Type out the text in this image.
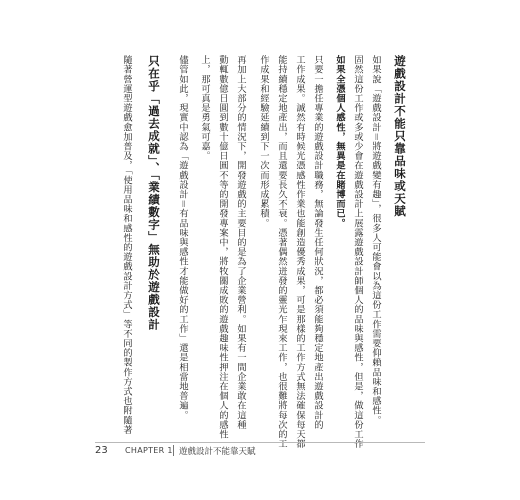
遊戲設計不能只靠品味或天賦
如果說「遊戲設計＝將遊戲變有趣」，很多人可能會以為這份工作需要仰賴品味和感性。
固然這份工作或多或少會在遊戲設計上展露遊戲設計師個人的品味與感性，但是，做這份工作
如果全憑個人感性，無異是在賭博而已。
只要一擔任專業的遊戲設計職務，無論發生任何狀況，都必須能夠穩定地產出遊戲設計的
工作成果。誠然有時候光憑感性作業也能創造優秀成果，可是那樣的工作方式無法確保每天都
能持續穩定地產出，而且還要長久不衰。憑著偶然迸發的靈光乍現來工作，也很難將每次的工
作成果和經驗延續到下一次而形成累積。
再加上大部分的情況下，開發遊戲的主要目的是為了企業營利。如果有一間企業敢在這種
動輒數億日圓到數十億日圓不等的開發專案中，將牧關成敗的遊戲趣味性押注在個人的感性
上，那可真是勇氣可嘉。
儘管如此，現實中認為「遊戲設計＝有品味與感性才能做好的工作」還是相當地普遍。
只在乎「過去成就」、「業績數字」無助於遊戲設計
隨著營運型遊戲愈加普及，「使用品味和感性的遊戲設計方式」等不同的製作方式也附隨著
23 CHAPTER 1 遊戲設計不能靠天賦
